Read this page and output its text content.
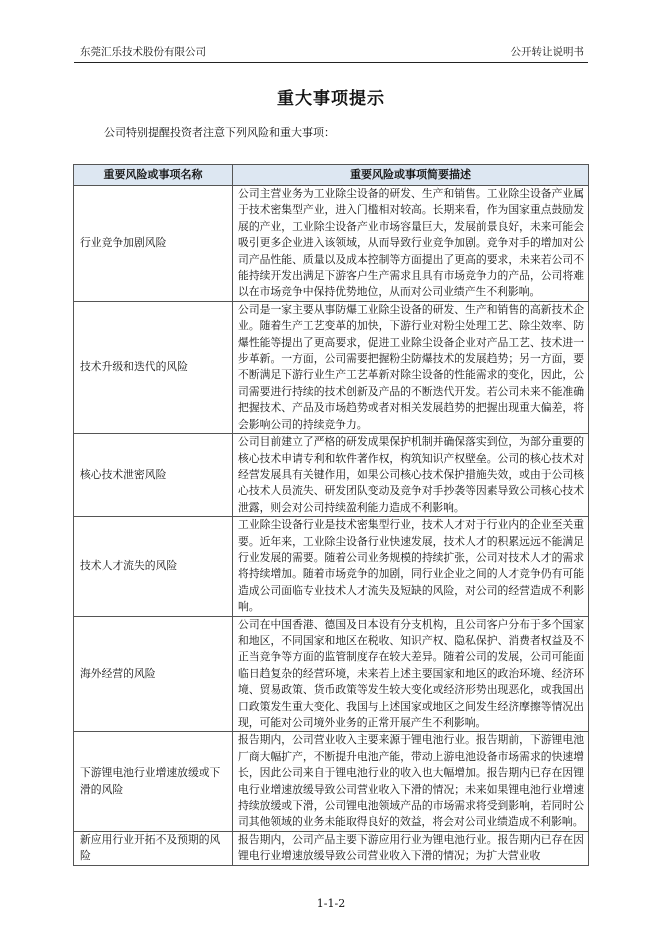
东莞汇乐技术股份有限公司	公开转让说明书
重大事项提示
公司特别提醒投资者注意下列风险和重大事项：
重要风险或事项名称	重要风险或事项简要描述
行业竞争加剧风险	公司主营业务为工业除尘设备的研发、生产和销售。工业除尘设备产业属于技术密集型产业，进入门槛相对较高。长期来看，作为国家重点鼓励发展的产业，工业除尘设备产业市场容量巨大，发展前景良好，未来可能会吸引更多企业进入该领域，从而导致行业竞争加剧。竞争对手的增加对公司产品性能、质量以及成本控制等方面提出了更高的要求，未来若公司不能持续开发出满足下游客户生产需求且具有市场竞争力的产品，公司将难以在市场竞争中保持优势地位，从而对公司业绩产生不利影响。
技术升级和迭代的风险	公司是一家主要从事防爆工业除尘设备的研发、生产和销售的高新技术企业。随着生产工艺变革的加快，下游行业对粉尘处理工艺、除尘效率、防爆性能等提出了更高要求，促进工业除尘设备企业对产品工艺、技术进一步革新。一方面，公司需要把握粉尘防爆技术的发展趋势；另一方面，要不断满足下游行业生产工艺革新对除尘设备的性能需求的变化，因此，公司需要进行持续的技术创新及产品的不断迭代开发。若公司未来不能准确把握技术、产品及市场趋势或者对相关发展趋势的把握出现重大偏差，将会影响公司的持续竞争力。
核心技术泄密风险	公司目前建立了严格的研发成果保护机制并确保落实到位，为部分重要的核心技术申请专利和软件著作权，构筑知识产权壁垒。公司的核心技术对经营发展具有关键作用，如果公司核心技术保护措施失效，或由于公司核心技术人员流失、研发团队变动及竞争对手抄袭等因素导致公司核心技术泄露，则会对公司持续盈利能力造成不利影响。
技术人才流失的风险	工业除尘设备行业是技术密集型行业，技术人才对于行业内的企业至关重要。近年来，工业除尘设备行业快速发展，技术人才的积累远远不能满足行业发展的需要。随着公司业务规模的持续扩张，公司对技术人才的需求将持续增加。随着市场竞争的加剧，同行业企业之间的人才竞争仍有可能造成公司面临专业技术人才流失及短缺的风险，对公司的经营造成不利影响。
海外经营的风险	公司在中国香港、德国及日本设有分支机构，且公司客户分布于多个国家和地区，不同国家和地区在税收、知识产权、隐私保护、消费者权益及不正当竞争等方面的监管制度存在较大差异。随着公司的发展，公司可能面临日趋复杂的经营环境，未来若上述主要国家和地区的政治环境、经济环境、贸易政策、货币政策等发生较大变化或经济形势出现恶化，或我国出口政策发生重大变化、我国与上述国家或地区之间发生经济摩擦等情况出现，可能对公司境外业务的正常开展产生不利影响。
下游锂电池行业增速放缓或下滑的风险	报告期内，公司营业收入主要来源于锂电池行业。报告期前，下游锂电池厂商大幅扩产，不断提升电池产能，带动上游电池设备市场需求的快速增长，因此公司来自于锂电池行业的收入也大幅增加。报告期内已存在因锂电行业增速放缓导致公司营业收入下滑的情况；未来如果锂电池行业增速持续放缓或下滑，公司锂电池领域产品的市场需求将受到影响，若同时公司其他领域的业务未能取得良好的效益，将会对公司业绩造成不利影响。
新应用行业开拓不及预期的风险	报告期内，公司产品主要下游应用行业为锂电池行业。报告期内已存在因锂电行业增速放缓导致公司营业收入下滑的情况；为扩大营业收
1-1-2
